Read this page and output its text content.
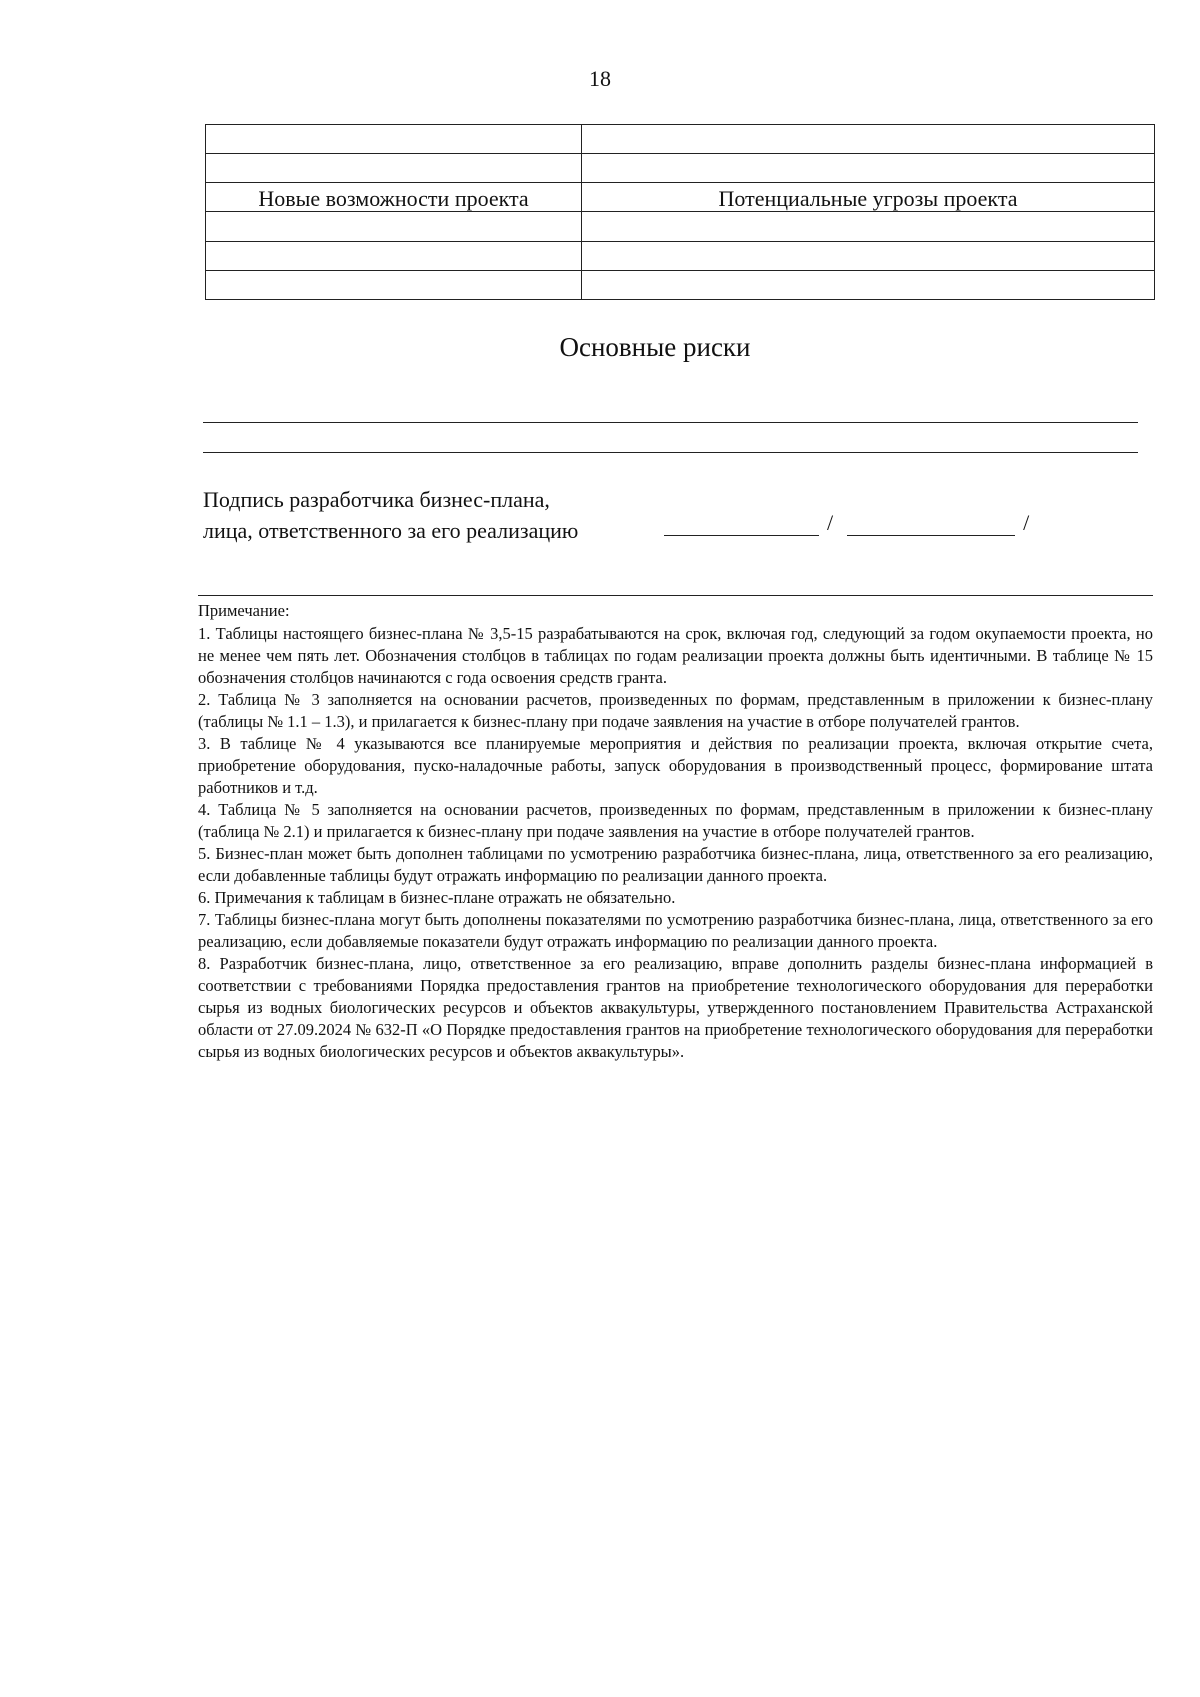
18

Новые возможности проекта	Потенциальные угрозы проекта

Основные риски
Подпись разработчика бизнес-плана,
лица, ответственного за его реализацию	/	/

Примечание:

1. Таблицы настоящего бизнес-плана № 3,5-15 разрабатываются на срок, включая год, следующий за годом окупаемости проекта, но не менее чем пять лет. Обозначения столбцов в таблицах по годам реализации проекта должны быть идентичными. В таблице № 15 обозначения столбцов начинаются с года освоения средств гранта.

2. Таблица № 3 заполняется на основании расчетов, произведенных по формам, представленным в приложении к бизнес-плану (таблицы № 1.1 – 1.3), и прилагается к бизнес-плану при подаче заявления на участие в отборе получателей грантов.

3. В таблице № 4 указываются все планируемые мероприятия и действия по реализации проекта, включая открытие счета, приобретение оборудования, пуско-наладочные работы, запуск оборудования в производственный процесс, формирование штата работников и т.д.

4. Таблица № 5 заполняется на основании расчетов, произведенных по формам, представленным в приложении к бизнес-плану (таблица № 2.1) и прилагается к бизнес-плану при подаче заявления на участие в отборе получателей грантов.

5. Бизнес-план может быть дополнен таблицами по усмотрению разработчика бизнес-плана, лица, ответственного за его реализацию, если добавленные таблицы будут отражать информацию по реализации данного проекта.

6. Примечания к таблицам в бизнес-плане отражать не обязательно.

7. Таблицы бизнес-плана могут быть дополнены показателями по усмотрению разработчика бизнес-плана, лица, ответственного за его реализацию, если добавляемые показатели будут отражать информацию по реализации данного проекта.

8. Разработчик бизнес-плана, лицо, ответственное за его реализацию, вправе дополнить разделы бизнес-плана информацией в соответствии с требованиями Порядка предоставления грантов на приобретение технологического оборудования для переработки сырья из водных биологических ресурсов и объектов аквакультуры, утвержденного постановлением Правительства Астраханской области от 27.09.2024 № 632-П «О Порядке предоставления грантов на приобретение технологического оборудования для переработки сырья из водных биологических ресурсов и объектов аквакультуры».
